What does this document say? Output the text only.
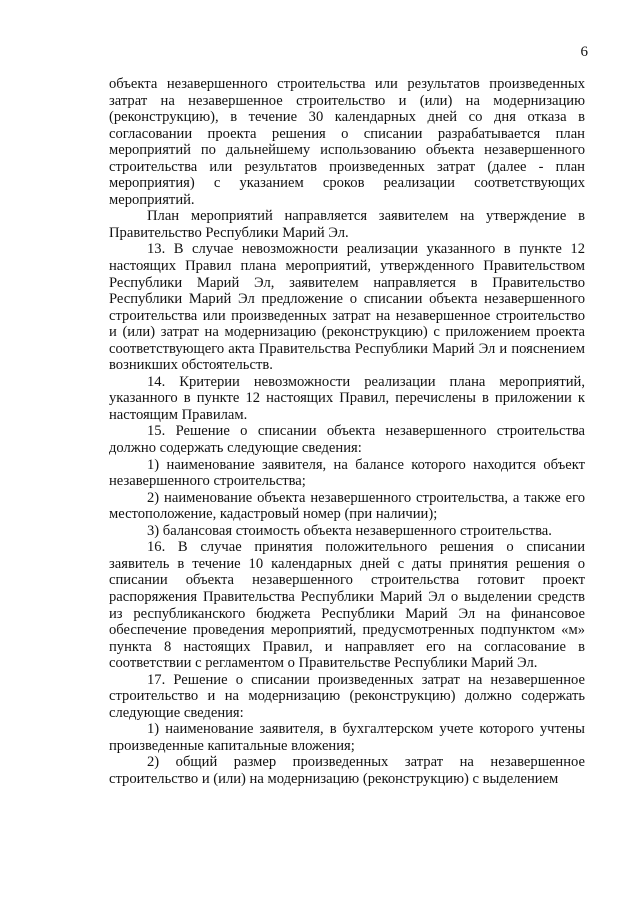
6

объекта незавершенного строительства или результатов произведенных затрат на незавершенное строительство и (или) на модернизацию (реконструкцию), в течение 30 календарных дней со дня отказа в согласовании проекта решения о списании разрабатывается план мероприятий по дальнейшему использованию объекта незавершенного строительства или результатов произведенных затрат (далее - план мероприятия) с указанием сроков реализации соответствующих мероприятий.

План мероприятий направляется заявителем на утверждение в Правительство Республики Марий Эл.

13. В случае невозможности реализации указанного в пункте 12 настоящих Правил плана мероприятий, утвержденного Правительством Республики Марий Эл, заявителем направляется в Правительство Республики Марий Эл предложение о списании объекта незавершенного строительства или произведенных затрат на незавершенное строительство и (или) затрат на модернизацию (реконструкцию) с приложением проекта соответствующего акта Правительства Республики Марий Эл и пояснением возникших обстоятельств.

14. Критерии невозможности реализации плана мероприятий, указанного в пункте 12 настоящих Правил, перечислены в приложении к настоящим Правилам.

15. Решение о списании объекта незавершенного строительства должно содержать следующие сведения:

1) наименование заявителя, на балансе которого находится объект незавершенного строительства;

2) наименование объекта незавершенного строительства, а также его местоположение, кадастровый номер (при наличии);

3) балансовая стоимость объекта незавершенного строительства.

16. В случае принятия положительного решения о списании заявитель в течение 10 календарных дней с даты принятия решения о списании объекта незавершенного строительства готовит проект распоряжения Правительства Республики Марий Эл о выделении средств из республиканского бюджета Республики Марий Эл на финансовое обеспечение проведения мероприятий, предусмотренных подпунктом «м» пункта 8 настоящих Правил, и направляет его на согласование в соответствии с регламентом о Правительстве Республики Марий Эл.

17. Решение о списании произведенных затрат на незавершенное строительство и на модернизацию (реконструкцию) должно содержать следующие сведения:

1) наименование заявителя, в бухгалтерском учете которого учтены произведенные капитальные вложения;

2) общий размер произведенных затрат на незавершенное строительство и (или) на модернизацию (реконструкцию) с выделением
